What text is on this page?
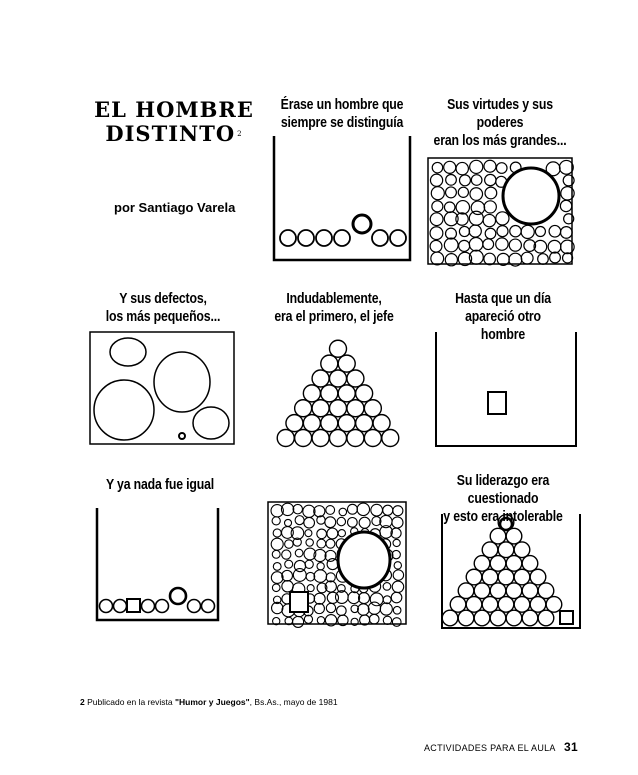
EL HOMBRE
DISTINTO $^2$
por Santiago Varela
Érase un hombre que
siempre se distinguía
Sus virtudes y sus poderes
eran los más grandes...
Y sus defectos,
los más pequeños...
Indudablemente,
era el primero, el jefe
Hasta que un día
apareció otro hombre
Y ya nada fue igual	Su liderazgo era cuestionado
y esto era intolerable
2 Publicado en la revista "Humor y Juegos", Bs.As., mayo de 1981
ACTIVIDADES PARA EL AULA 31
